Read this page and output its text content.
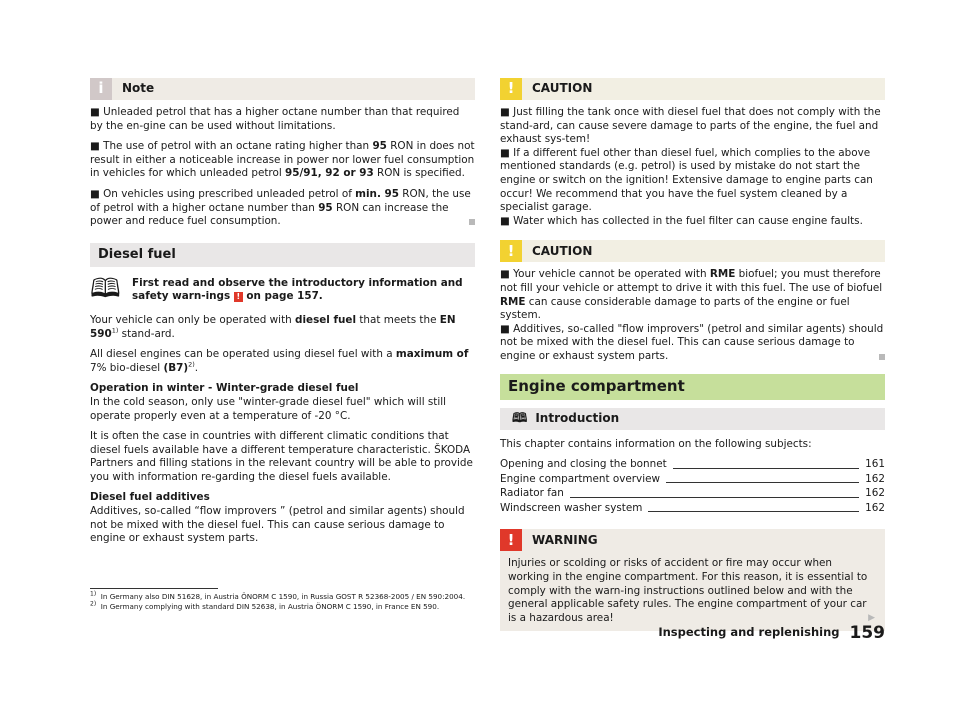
i	Note

■ Unleaded petrol that has a higher octane number than that required by the en-gine can be used without limitations.

■ The use of petrol with an octane rating higher than 95 RON in does not result in either a noticeable increase in power nor lower fuel consumption in vehicles for which unleaded petrol 95/91, 92 or 93 RON is specified.

■ On vehicles using prescribed unleaded petrol of min. 95 RON, the use of petrol with a higher octane number than 95 RON can increase the power and reduce fuel consumption.

Diesel fuel
🕮 First read and observe the introductory information and safety warn-ings ! on page 157.

Your vehicle can only be operated with diesel fuel that meets the EN 590$^{1)}$ stand-ard.

All diesel engines can be operated using diesel fuel with a maximum of 7% bio-diesel $(B7)^{2)}$.

Operation in winter - Winter-grade diesel fuel
In the cold season, only use "winter-grade diesel fuel" which will still operate properly even at a temperature of -20 °C.

It is often the case in countries with different climatic conditions that diesel fuels available have a different temperature characteristic. ŠKODA Partners and filling stations in the relevant country will be able to provide you with information re-garding the diesel fuels available.

Diesel fuel additives
Additives, so-called “flow improvers ” (petrol and similar agents) should not be mixed with the diesel fuel. This can cause serious damage to engine or exhaust system parts.

!	CAUTION

■ Just filling the tank once with diesel fuel that does not comply with the stand-ard, can cause severe damage to parts of the engine, the fuel and exhaust sys-tem!

■ If a different fuel other than diesel fuel, which complies to the above mentioned standards (e.g. petrol) is used by mistake do not start the engine or switch on the ignition! Extensive damage to engine parts can occur! We recommend that you have the fuel system cleaned by a specialist garage.

■ Water which has collected in the fuel filter can cause engine faults.

!	CAUTION

■ Your vehicle cannot be operated with RME biofuel; you must therefore not fill your vehicle or attempt to drive it with this fuel. The use of biofuel RME can cause considerable damage to parts of the engine or fuel system.

■ Additives, so-called "flow improvers" (petrol and similar agents) should not be mixed with the diesel fuel. This can cause serious damage to engine or exhaust system parts.

Engine compartment
🕮 Introduction

This chapter contains information on the following subjects:

Opening and closing the bonnet	161
Engine compartment overview	162
Radiator fan	162
Windscreen washer system	162
!	WARNING
Injuries or scolding or risks of accident or fire may occur when working in the engine compartment. For this reason, it is essential to comply with the warn-ing instructions outlined below and with the general applicable safety rules. The engine compartment of your car is a hazardous area!	▶
$^{1)}$ In Germany also DIN 51628, in Austria ÖNORM C 1590, in Russia GOST R 52368-2005 / EN 590:2004.
$^{2)}$ In Germany complying with standard DIN 52638, in Austria ÖNORM C 1590, in France EN 590.
Inspecting and replenishing 159
